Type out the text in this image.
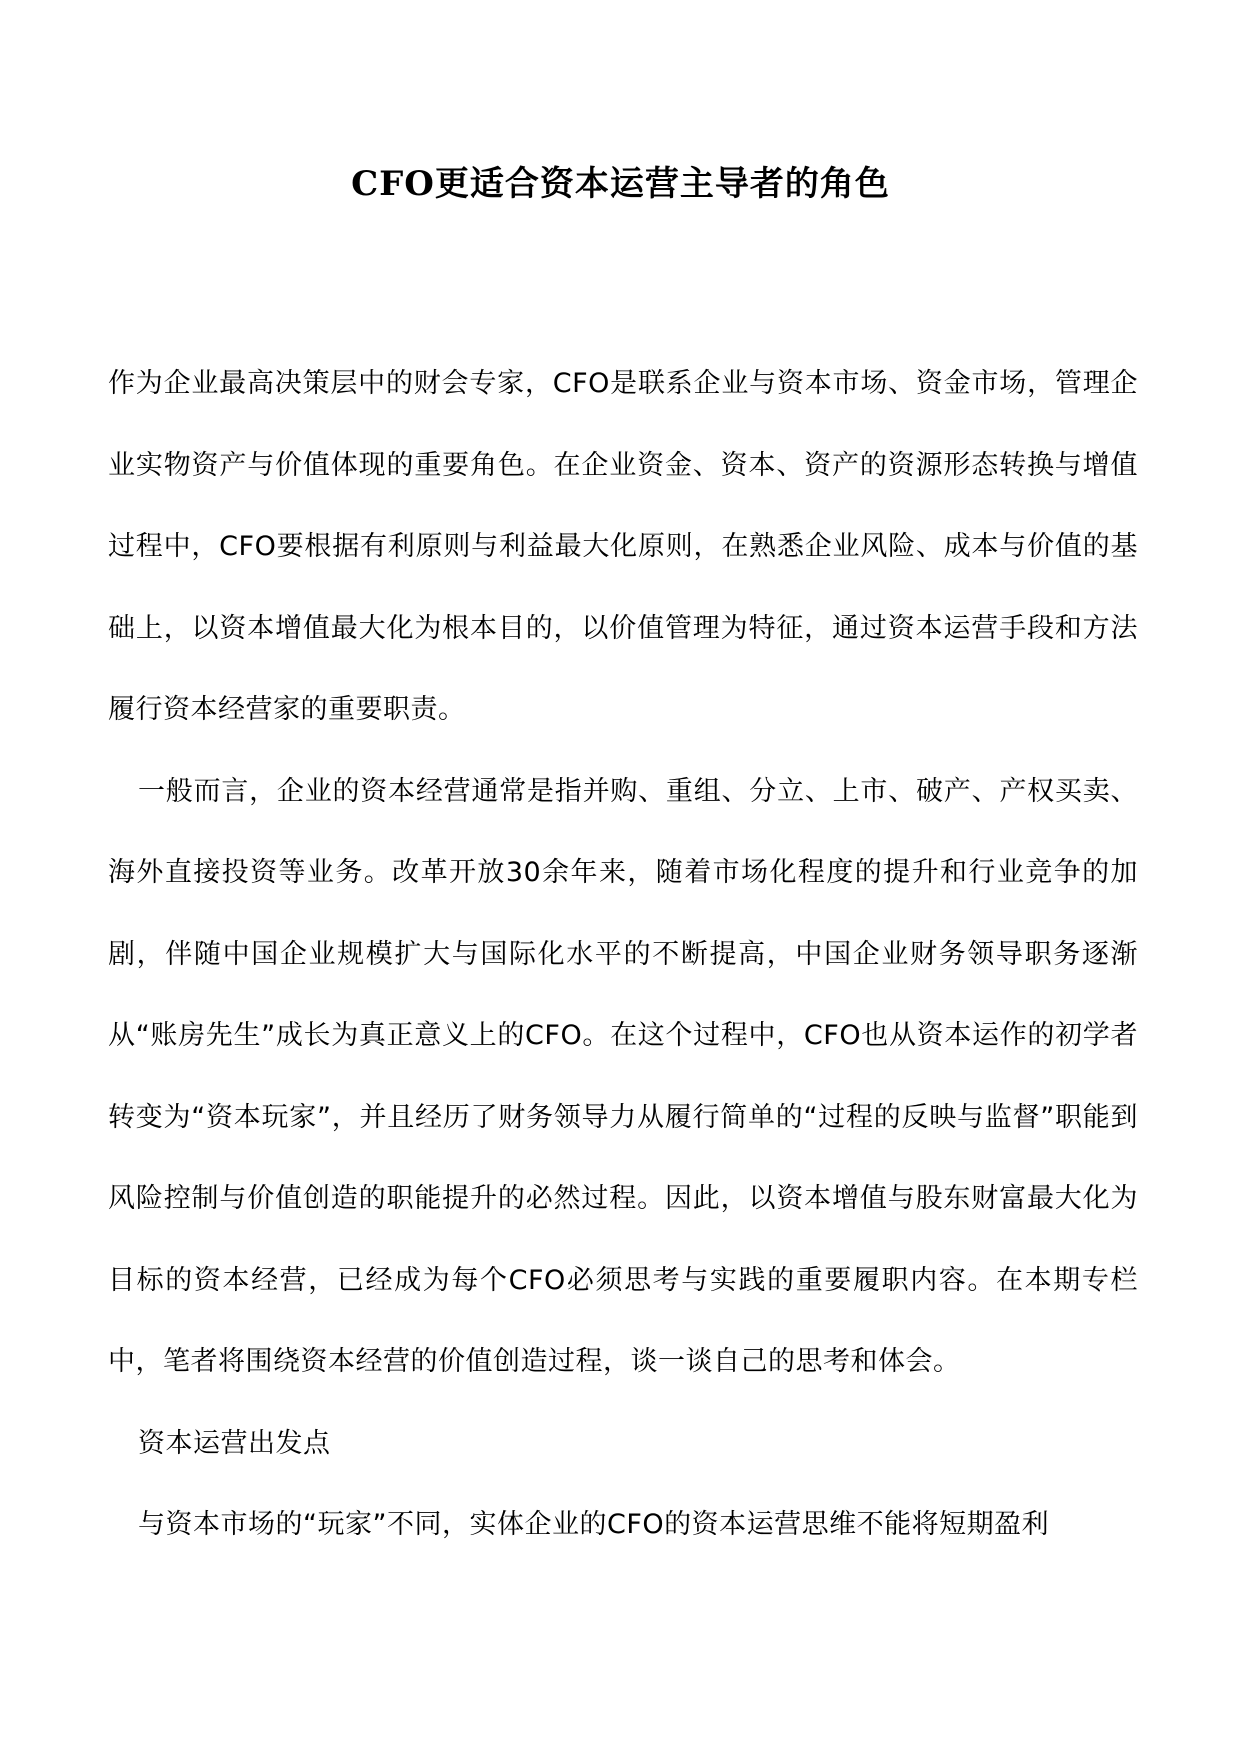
CFO更适合资本运营主导者的角色

作为企业最高决策层中的财会专家，CFO是联系企业与资本市场、资金市场，管理企业实物资产与价值体现的重要角色。在企业资金、资本、资产的资源形态转换与增值过程中，CFO要根据有利原则与利益最大化原则，在熟悉企业风险、成本与价值的基础上，以资本增值最大化为根本目的，以价值管理为特征，通过资本运营手段和方法履行资本经营家的重要职责。

一般而言，企业的资本经营通常是指并购、重组、分立、上市、破产、产权买卖、海外直接投资等业务。改革开放30余年来，随着市场化程度的提升和行业竞争的加剧，伴随中国企业规模扩大与国际化水平的不断提高，中国企业财务领导职务逐渐从“账房先生”成长为真正意义上的CFO。在这个过程中，CFO也从资本运作的初学者转变为“资本玩家”，并且经历了财务领导力从履行简单的“过程的反映与监督”职能到风险控制与价值创造的职能提升的必然过程。因此，以资本增值与股东财富最大化为目标的资本经营，已经成为每个CFO必须思考与实践的重要履职内容。在本期专栏中，笔者将围绕资本经营的价值创造过程，谈一谈自己的思考和体会。

资本运营出发点

与资本市场的“玩家”不同，实体企业的CFO的资本运营思维不能将短期盈利
